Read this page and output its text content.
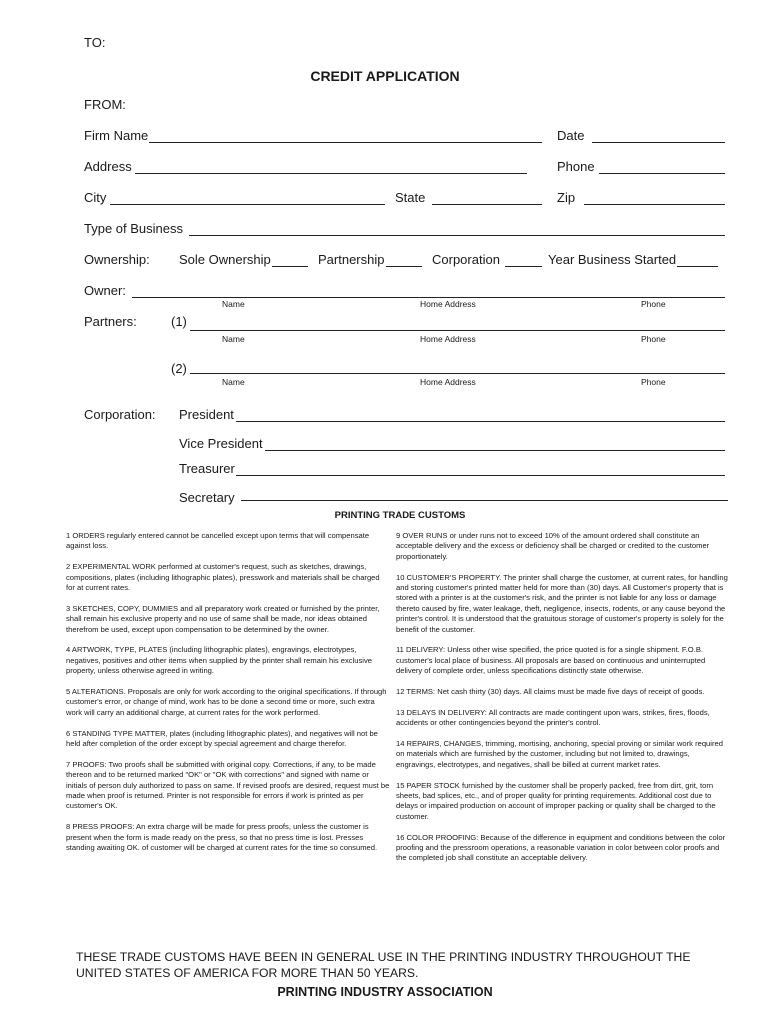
TO:
CREDIT APPLICATION
FROM:
Firm Name	Date
Address	Phone
City	State	Zip
Type of Business
Ownership: Sole Ownership	Partnership	Corporation	Year Business Started
Owner:
Name	Home Address	Phone
Partners:	(1)
Name	Home Address	Phone
(2)
Name	Home Address	Phone
Corporation: President
Vice President
Treasurer
Secretary
PRINTING TRADE CUSTOMS

1 ORDERS regularly entered cannot be cancelled except upon terms that will compensate against loss.

2 EXPERIMENTAL WORK performed at customer's request, such as sketches, drawings, compositions, plates (including lithographic plates), presswork and materials shall be charged for at current rates.

3 SKETCHES, COPY, DUMMIES and all preparatory work created or furnished by the printer, shall remain his exclusive property and no use of same shall be made, nor ideas obtained therefrom be used, except upon compensation to be determined by the owner.

4 ARTWORK, TYPE, PLATES (including lithographic plates), engravings, electrotypes, negatives, positives and other items when supplied by the printer shall remain his exclusive property, unless otherwise agreed in writing.

5 ALTERATIONS. Proposals are only for work according to the original specifications. If through customer's error, or change of mind, work has to be done a second time or more, such extra work will carry an additional charge, at current rates for the work performed.

6 STANDING TYPE MATTER, plates (including lithographic plates), and negatives will not be held after completion of the order except by special agreement and charge therefor.

7 PROOFS: Two proofs shall be submitted with original copy. Corrections, if any, to be made thereon and to be returned marked "OK" or "OK with corrections" and signed with name or initials of person duly authorized to pass on same. If revised proofs are desired, request must be made when proof is returned. Printer is not responsible for errors if work is printed as per customer's OK.

8 PRESS PROOFS: An extra charge will be made for press proofs, unless the customer is present when the form is made ready on the press, so that no press time is lost. Presses standing awaiting OK. of customer will be charged at current rates for the time so consumed.

9 OVER RUNS or under runs not to exceed 10% of the amount ordered shall constitute an acceptable delivery and the excess or deficiency shall be charged or credited to the customer proportionately.

10 CUSTOMER'S PROPERTY. The printer shall charge the customer, at current rates, for handling and storing customer's printed matter held for more than (30) days. All Customer's property that is stored with a printer is at the customer's risk, and the printer is not liable for any loss or damage thereto caused by fire, water leakage, theft, negligence, insects, rodents, or any cause beyond the printer's control. It is understood that the gratuitous storage of customer's property is solely for the benefit of the customer.

11 DELIVERY: Unless other wise specified, the price quoted is for a single shipment. F.O.B. customer's local place of business. All proposals are based on continuous and uninterrupted delivery of complete order, unless specifications distinctly state otherwise.

12 TERMS: Net cash thirty (30) days. All claims must be made five days of receipt of goods.

13 DELAYS IN DELIVERY: All contracts are made contingent upon wars, strikes, fires, floods, accidents or other contingencies beyond the printer's control.

14 REPAIRS, CHANGES, trimming, mortising, anchoring, special proving or similar work required on materials which are furnished by the customer, including but not limited to, drawings, engravings, electrotypes, and negatives, shall be billed at current market rates.

15 PAPER STOCK furnished by the customer shall be properly packed, free from dirt, grit, torn sheets, bad splices, etc., and of proper quality for printing requirements. Additional cost due to delays or impaired production on account of improper packing or quality shall be charged to the customer.

16 COLOR PROOFING: Because of the difference in equipment and conditions between the color proofing and the pressroom operations, a reasonable variation in color between color proofs and the completed job shall constitute an acceptable delivery.

THESE TRADE CUSTOMS HAVE BEEN IN GENERAL USE IN THE PRINTING INDUSTRY THROUGHOUT THE UNITED STATES OF AMERICA FOR MORE THAN 50 YEARS.
PRINTING INDUSTRY ASSOCIATION
